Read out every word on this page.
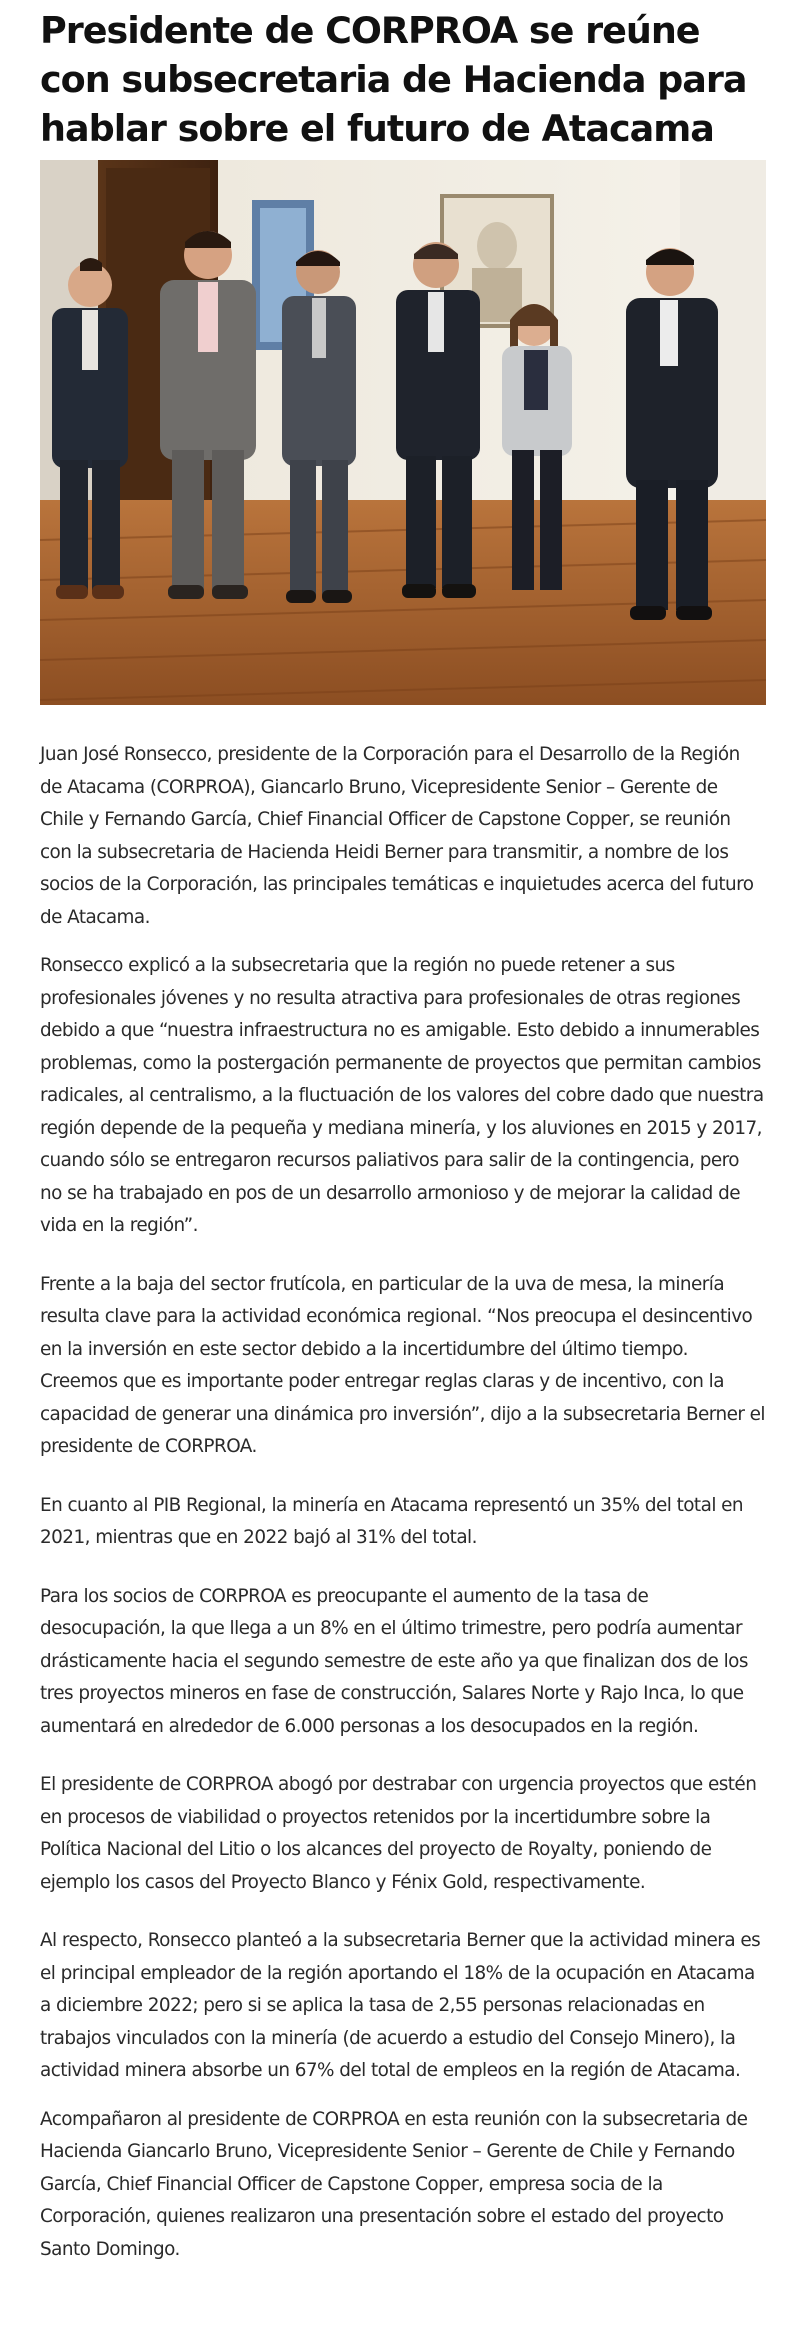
Presidente de CORPROA se reúne con subsecretaria de Hacienda para hablar sobre el futuro de Atacama

Juan José Ronsecco, presidente de la Corporación para el Desarrollo de la Región de Atacama (CORPROA), Giancarlo Bruno, Vicepresidente Senior – Gerente de Chile y Fernando García, Chief Financial Officer de Capstone Copper, se reunión con la subsecretaria de Hacienda Heidi Berner para transmitir, a nombre de los socios de la Corporación, las principales temáticas e inquietudes acerca del futuro de Atacama.

Ronsecco explicó a la subsecretaria que la región no puede retener a sus profesionales jóvenes y no resulta atractiva para profesionales de otras regiones debido a que “nuestra infraestructura no es amigable. Esto debido a innumerables problemas, como la postergación permanente de proyectos que permitan cambios radicales, al centralismo, a la fluctuación de los valores del cobre dado que nuestra región depende de la pequeña y mediana minería, y los aluviones en 2015 y 2017, cuando sólo se entregaron recursos paliativos para salir de la contingencia, pero no se ha trabajado en pos de un desarrollo armonioso y de mejorar la calidad de vida en la región”.

Frente a la baja del sector frutícola, en particular de la uva de mesa, la minería resulta clave para la actividad económica regional. “Nos preocupa el desincentivo en la inversión en este sector debido a la incertidumbre del último tiempo. Creemos que es importante poder entregar reglas claras y de incentivo, con la capacidad de generar una dinámica pro inversión”, dijo a la subsecretaria Berner el presidente de CORPROA.

En cuanto al PIB Regional, la minería en Atacama representó un 35% del total en 2021, mientras que en 2022 bajó al 31% del total.

Para los socios de CORPROA es preocupante el aumento de la tasa de desocupación, la que llega a un 8% en el último trimestre, pero podría aumentar drásticamente hacia el segundo semestre de este año ya que finalizan dos de los tres proyectos mineros en fase de construcción, Salares Norte y Rajo Inca, lo que aumentará en alrededor de 6.000 personas a los desocupados en la región.

El presidente de CORPROA abogó por destrabar con urgencia proyectos que estén en procesos de viabilidad o proyectos retenidos por la incertidumbre sobre la Política Nacional del Litio o los alcances del proyecto de Royalty, poniendo de ejemplo los casos del Proyecto Blanco y Fénix Gold, respectivamente.

Al respecto, Ronsecco planteó a la subsecretaria Berner que la actividad minera es el principal empleador de la región aportando el 18% de la ocupación en Atacama a diciembre 2022; pero si se aplica la tasa de 2,55 personas relacionadas en trabajos vinculados con la minería (de acuerdo a estudio del Consejo Minero), la actividad minera absorbe un 67% del total de empleos en la región de Atacama.

Acompañaron al presidente de CORPROA en esta reunión con la subsecretaria de Hacienda Giancarlo Bruno, Vicepresidente Senior – Gerente de Chile y Fernando García, Chief Financial Officer de Capstone Copper, empresa socia de la Corporación, quienes realizaron una presentación sobre el estado del proyecto Santo Domingo.
